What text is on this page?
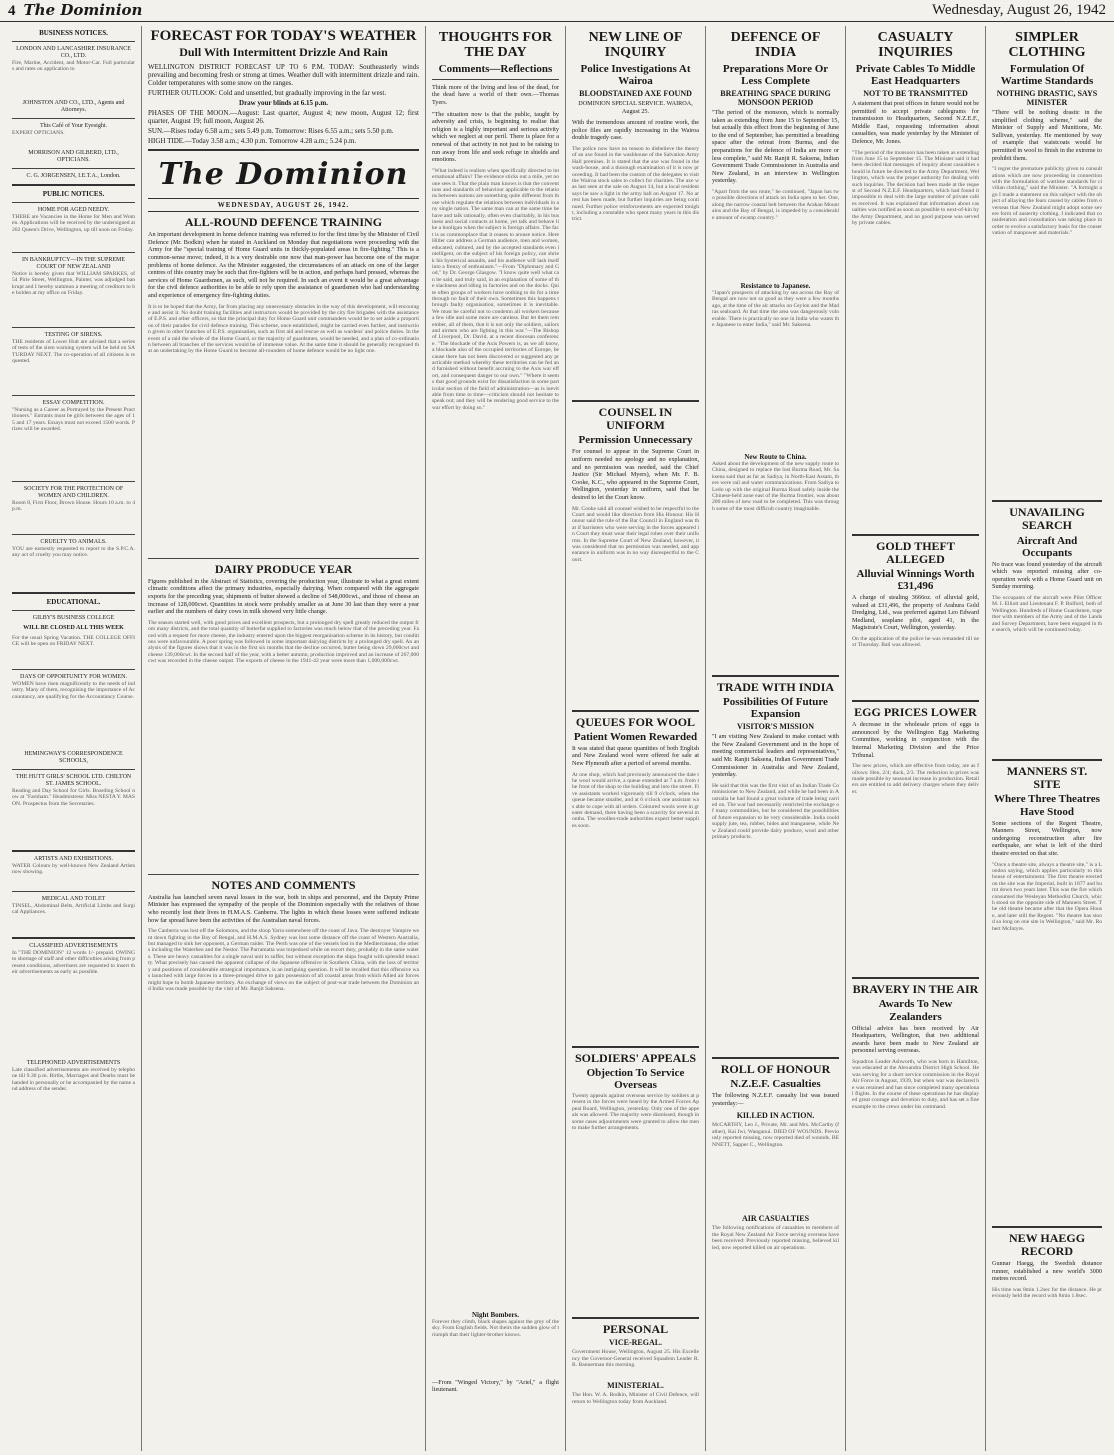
4 The Dominion	Wednesday, August 26, 1942
BUSINESS NOTICES.
LONDON AND LANCASHIRE INSURANCE CO., LTD.
Fire, Marine, Accident, and Motor-Car. Full particulars and rates on application to
JOHNSTON AND CO., LTD., Agents and Attorneys.
This Café of Your Eyesight.
EXPERT OPTICIANS.
MORRISON AND GILBERD, LTD., OPTICIANS.
C. G. JORGENSEN, I.E.T.A., London.
PUBLIC NOTICES.
HOME FOR AGED NEEDY.
THERE are Vacancies in the Home for Men and Women. Applications will be received by the undersigned at 202 Queen's Drive, Wellington, up till noon on Friday.
IN BANKRUPTCY—IN THE SUPREME COURT OF NEW ZEALAND
Notice is hereby given that WILLIAM SPARKES, of 54 Pirie Street, Wellington, Painter, was adjudged bankrupt and I hereby summon a meeting of creditors to be holden at my office on Friday.
TESTING OF SIRENS.
THE residents of Lower Hutt are advised that a series of tests of the siren warning system will be held on SATURDAY NEXT. The co-operation of all citizens is requested.
ESSAY COMPETITION.
"Nursing as a Career as Portrayed by the Present Practitioners." Entrants must be girls between the ages of 15 and 17 years. Essays must not exceed 1500 words. Prizes will be awarded.
SOCIETY FOR THE PROTECTION OF WOMEN AND CHILDREN.
Room 8, First Floor, Brown House. Hours 10 a.m. to 4 p.m.
CRUELTY TO ANIMALS.
YOU are earnestly requested to report to the S.P.C.A. any act of cruelty you may notice.
EDUCATIONAL.
GILBY'S BUSINESS COLLEGE
WILL BE CLOSED ALL THIS WEEK
For the usual Spring Vacation. THE COLLEGE OFFICE will be open on FRIDAY NEXT.
DAYS OF OPPORTUNITY FOR WOMEN.
WOMEN have risen magnificently to the needs of industry. Many of them, recognising the importance of Accountancy, are qualifying for the Accountancy Course.
HEMINGWAY'S CORRESPONDENCE SCHOOLS,
THE HUTT GIRLS' SCHOOL LTD. CHILTON ST. JAMES SCHOOL.
Reading and Day School for Girls. Boarding School now at "Farnham." Headmistress: Miss NESTA Y. MASON. Prospectus from the Secretaries.
ARTISTS AND EXHIBITIONS.
WATER Colours by well-known New Zealand Artists now showing.
MEDICAL AND TOILET
TINSEL, Abdominal Belts, Artificial Limbs and Surgical Appliances.
CLASSIFIED ADVERTISEMENTS
In "THE DOMINION" 12 words 1/- prepaid. OWING to shortage of staff and other difficulties arising from present conditions, advertisers are requested to insert their advertisements as early as possible.
TELEPHONED ADVERTISEMENTS
Late classified advertisements are received by telephone till 9.30 p.m. Births, Marriages and Deaths must be handed in personally or be accompanied by the name and address of the sender.
FORECAST FOR TODAY'S WEATHER
Dull With Intermittent Drizzle And Rain
WELLINGTON DISTRICT FORECAST UP TO 6 P.M. TODAY: Southeasterly winds prevailing and becoming fresh or strong at times. Weather dull with intermittent drizzle and rain. Colder temperatures with some snow on the ranges.
FURTHER OUTLOOK: Cold and unsettled, but gradually improving in the far west.
Draw your blinds at 6.15 p.m.
PHASES OF THE MOON.—August: Last quarter, August 4; new moon, August 12; first quarter, August 19; full moon, August 26.
SUN.—Rises today 6.58 a.m.; sets 5.49 p.m. Tomorrow: Rises 6.55 a.m.; sets 5.50 p.m.
HIGH TIDE.—Today 3.58 a.m.; 4.30 p.m. Tomorrow 4.28 a.m.; 5.24 p.m.
The Dominion
WEDNESDAY, AUGUST 26, 1942.
ALL-ROUND DEFENCE TRAINING
An important development in home defence training was referred to for the first time by the Minister of Civil Defence (Mr. Bodkin) when he stated in Auckland on Monday that negotiations were proceeding with the Army for the "special training of Home Guard units in thickly-populated areas in fire-fighting." This is a common-sense move; indeed, it is a very desirable one now that man-power has become one of the major problems of home defence. As the Minister suggested, the circumstances of an attack on one of the larger centres of this country may be such that fire-fighters will be in action, and perhaps hard pressed, whereas the services of Home Guardsmen, as such, will not be required. In such an event it would be a great advantage for the civil defence authorities to be able to rely upon the assistance of guardsmen who had understanding and experience of emergency fire-fighting duties.
It is to be hoped that the Army, far from placing any unnecessary obstacles in the way of this development, will encourage and assist it. No doubt training facilities and instructors would be provided by the city fire brigades with the assistance of E.P.S. and other officers, so that the principal duty for Home Guard unit commanders would be to set aside a proportion of their parades for civil defence training. This scheme, once established, might be carried even further, and instruction given in other branches of E.P.S. organisation, such as first aid and rescue as well as wardens' and police duties. In the event of a raid the whole of the Home Guard, or the majority of guardsmen, would be needed, and a plan of co-ordination between all branches of the services would be of immense value. At the same time it should be generally recognised that an undertaking by the Home Guard to become all-rounders of home defence would be no light one.
DAIRY PRODUCE YEAR
Figures published in the Abstract of Statistics, covering the production year, illustrate to what a great extent climatic conditions affect the primary industries, especially dairying. When compared with the aggregate exports for the preceding year, shipments of butter showed a decline of 548,000cwt., and those of cheese an increase of 128,000cwt. Quantities in stock were probably smaller as at June 30 last than they were a year earlier and the numbers of dairy cows in milk showed very little change.
The season started well, with good prices and excellent prospects, but a prolonged dry spell greatly reduced the output from many districts, and the total quantity of butterfat supplied to factories was much below that of the preceding year. Faced with a request for more cheese, the industry entered upon the biggest reorganisation scheme in its history, but conditions were unfavourable. A poor spring was followed in some important dairying districts by a prolonged dry spell. An analysis of the figures shows that it was in the first six months that the decline occurred, butter being down 29,000cwt and cheese 139,000cwt. In the second half of the year, with a better autumn, production improved and an increase of 267,000cwt was recorded in the cheese output. The exports of cheese in the 1941-42 year were more than 1,000,000cwt.
NOTES AND COMMENTS
Australia has launched seven naval losses in the war, both in ships and personnel, and the Deputy Prime Minister has expressed the sympathy of the people of the Dominion especially with the relatives of those who recently lost their lives in H.M.A.S. Canberra. The lights in which these losses were suffered indicate how far spread have been the activities of the Australian naval forces.
The Canberra was lost off the Solomons, and the sloop Yarra somewhere off the coast of Java. The destroyer Vampire went down fighting in the Bay of Bengal, and H.M.A.S. Sydney was lost some distance off the coast of Western Australia, but managed to sink her opponent, a German raider. The Perth was one of the vessels lost in the Mediterranean, the others including the Waterhen and the Nestor. The Parramatta was torpedoed while on escort duty, probably in the same waters. These are heavy casualties for a single naval unit to suffer, but without exception the ships fought with splendid tenacity. What precisely has caused the apparent collapse of the Japanese offensive in Southern China, with the loss of territory and positions of considerable strategical importance, is an intriguing question. It will be recalled that this offensive was launched with large forces in a three-pronged drive to gain possession of all coastal areas from which Allied air forces might hope to bomb Japanese territory. An exchange of views on the subject of post-war trade between the Dominion and India was made possible by the visit of Mr. Ranjit Saksena.
THOUGHTS FOR THE DAY
Comments—Reflections
Think more of the living and less of the dead, for the dead have a world of their own.—Thomas Tyers.
"The situation now is that the public, taught by adversity and crisis, is beginning to realise that religion is a highly important and serious activity which we neglect at our peril. There is place for a renewal of that activity in not just to be raising to run away from life and seek refuge in shields and emotions.
"What indeed is realism when specifically directed to international affairs? The evidence sticks out a mile, yet no one sees it. That the plain man knows is that the conventions and standards of behaviour applicable to the relations between nations are something quite different from those which regulate the relations between individuals in any single nation. The same man can at the same time behave and talk rationally, often even charitably, in his business and social contacts at home, yet talk and behave like a hooligan when the subject is foreign affairs. The fact is as commonplace that it ceases to arouse notice. Here Hitler can address a German audience, men and women, educated, cultured, and by the accepted standards even intelligent, on the subject of his foreign policy, can shriek his hysterical assaults, and his audience will lash itself into a frenzy of enthusiasm."—From "Diplomacy and God," by Dr. George Glasgow. "I know quite well what can be said, and truly said, in an explanation of some of the slackness and idling in factories and on the docks. Quite often groups of workers have nothing to do for a time through no fault of their own. Sometimes this happens through faulty organisation, sometimes it is inevitable. We must be careful not to condemn all workers because a few idle and some more are careless. But let them remember, all of them, that it is not only the soldiers, sailors and airmen who are fighting in this war."—The Bishop of Liverpool, Dr. David, at a recent diocesan conference. "The blockade of the Axis Powers is, as we all know, a blockade also of the occupied territories of Europe, because there has not been discovered or suggested any practicable method whereby these territories can be fed and furnished without benefit accruing to the Axis war effort, and consequent danger to our own." "Where it seems that good grounds exist for dissatisfaction in some particular section of the field of administration—as is inevitable from time to time—criticism should not hesitate to speak out; and they will be rendering good service to the war effort by doing so."
Night Bombers.
Forever they climb, black shapes against the grey of the sky. From English fields. Not theirs the sudden glow of triumph that their lighter-brother knows.
—From "Winged Victory," by "Ariel," a flight lieutenant.
NEW LINE OF INQUIRY
Police Investigations At Wairoa
BLOODSTAINED AXE FOUND
DOMINION SPECIAL SERVICE. WAIROA, August 25.
With the tremendous amount of routine work, the police files are rapidly increasing in the Wairoa double tragedy case.
The police now have no reason to disbelieve the theory of an axe found in the washhouse of the Salvation Army Hall premises. It is stated that the axe was found in the wash-house, and a thorough examination of it is now proceeding. It had been the custom of the delegates to visit the Wairoa stock sales to collect for charities. The axe was last seen at the sale on August 14, but a local resident says he saw a light in the army hall on August 17. No arrest has been made, but further inquiries are being continued. Further police reinforcements are expected tonight, including a constable who spent many years in this district.
COUNSEL IN UNIFORM
Permission Unnecessary
For counsel to appear in the Supreme Court in uniform needed no apology and no explanation, and no permission was needed, said the Chief Justice (Sir Michael Myers), when Mr. F. B. Cooke, K.C., who appeared in the Supreme Court, Wellington, yesterday in uniform, said that he desired to let the Court know.
Mr. Cooke said all counsel wished to be respectful to the Court and would like direction from His Honour. His Honour said the rule of the Bar Council in England was that if barristers who were serving in the forces appeared in Court they must wear their legal robes over their uniforms. In the Supreme Court of New Zealand, however, it was considered that no permission was needed, and appearance in uniform was in no way disrespectful to the Court.
QUEUES FOR WOOL
Patient Women Rewarded
It was stated that queue quantities of both English and New Zealand wool were offered for sale at New Plymouth after a period of several months.
At one shop, which had previously announced the date the wool would arrive, a queue extended at 7 a.m. from the front of the shop to the building and into the street. Five assistants worked vigorously till 9 o'clock, when the queue became smaller, and at 6 o'clock one assistant was able to cope with all orders. Coloured wools were in greater demand, there having been a scarcity for several months. The woollen-trade authorities expect better supplies soon.
SOLDIERS' APPEALS
Objection To Service Overseas
Twenty appeals against overseas service by soldiers at present in the forces were heard by the Armed Forces Appeal Board, Wellington, yesterday. Only one of the appeals was allowed. The majority were dismissed, though in some cases adjournments were granted to allow the men to make further arrangements.
PERSONAL
VICE-REGAL.
Government House, Wellington, August 25. His Excellency the Governor-General received Squadron Leader R. R. Bannerman this morning.
MINISTERIAL.
The Hon. W. A. Bodkin, Minister of Civil Defence, will return to Wellington today from Auckland.
DEFENCE OF INDIA
Preparations More Or Less Complete
BREATHING SPACE DURING MONSOON PERIOD
"The period of the monsoon, which is normally taken as extending from June 15 to September 15, but actually this effect from the beginning of June to the end of September, has permitted a breathing space after the retreat from Burma, and the preparations for the defence of India are more or less complete," said Mr. Ranjit R. Saksena, Indian Government Trade Commissioner in Australia and New Zealand, in an interview in Wellington yesterday.
"Apart from the sea route," he continued, "Japan has two possible directions of attack on India open to her. One, along the narrow coastal belt between the Arakan Mountains and the Bay of Bengal, is impeded by a considerable amount of swamp country."
Resistance to Japanese.
"Japan's prospects of attacking by sea across the Bay of Bengal are now not so good as they were a few months ago, at the time of the air attacks on Ceylon and the Madras seaboard. At that time the area was dangerously vulnerable. There is practically no one in India who wants the Japanese to enter India," said Mr. Saksena.
New Route to China.
Asked about the development of the new supply route to China, designed to replace the lost Burma Road, Mr. Saksena said that as far as Sadiya, in North-East Assam, there were rail and water communications. From Sadiya to Ledo up with the original Burma Road safely inside the Chinese-held zone east of the Burma frontier, was about 200 miles of new road to be completed. This was through some of the most difficult country imaginable.
TRADE WITH INDIA
Possibilities Of Future Expansion
VISITOR'S MISSION
"I am visiting New Zealand to make contact with the New Zealand Government and in the hope of meeting commercial leaders and representatives," said Mr. Ranjit Saksena, Indian Government Trade Commissioner in Australia and New Zealand, yesterday.
He said that this was the first visit of an Indian Trade Commissioner to New Zealand, and while he had been in Australia he had found a great volume of trade being carried on. The war had necessarily restricted the exchange of many commodities, but he considered the possibilities of future expansion to be very considerable. India could supply jute, tea, rubber, hides and manganese, while New Zealand could provide dairy produce, wool and other primary products.
ROLL OF HONOUR
N.Z.E.F. Casualties
The following N.Z.E.F. casualty list was issued yesterday:—
KILLED IN ACTION.
McCARTHY, Leo J., Private, Mr. and Mrs. McCarthy (father), Kai Iwi, Wanganui. DIED OF WOUNDS. Previously reported missing, now reported died of wounds. BENNETT, Sapper C., Wellington.
AIR CASUALTIES
The following notifications of casualties to members of the Royal New Zealand Air Force serving overseas have been received: Previously reported missing, believed killed, now reported killed on air operations.
CASUALTY INQUIRIES
Private Cables To Middle East Headquarters
NOT TO BE TRANSMITTED
A statement that post offices in future would not be permitted to accept private cablegrams for transmission to Headquarters, Second N.Z.E.F., Middle East, requesting information about casualties, was made yesterday by the Minister of Defence, Mr. Jones.
"The period of the monsoon has been taken as extending from June 15 to September 15. The Minister said it had been decided that messages of inquiry about casualties should in future be directed to the Army Department, Wellington, which was the proper authority for dealing with such inquiries. The decision had been made at the request of Second N.Z.E.F. Headquarters, which had found it impossible to deal with the large number of private cables received. It was explained that information about casualties was notified as soon as possible to next-of-kin by the Army Department, and no good purpose was served by private cables.
GOLD THEFT ALLEGED
Alluvial Winnings Worth £31,496
A charge of stealing 3666oz. of alluvial gold, valued at £31,496, the property of Arahura Gold Dredging, Ltd., was preferred against Leo Edward Medland, seaplane pilot, aged 41, in the Magistrate's Court, Wellington, yesterday.
On the application of the police he was remanded till next Thursday. Bail was allowed.
EGG PRICES LOWER
A decrease in the wholesale prices of eggs is announced by the Wellington Egg Marketing Committee, working in conjunction with the Internal Marketing Division and the Price Tribunal.
The new prices, which are effective from today, are as follows: Hen, 2/4; duck, 2/3. The reduction in prices was made possible by seasonal increase in production. Retailers are entitled to add delivery charges where they deliver.
BRAVERY IN THE AIR
Awards To New Zealanders
Official advice has been received by Air Headquarters, Wellington, that two additional awards have been made to New Zealand air personnel serving overseas.
Squadron Leader Ashworth, who was born in Hamilton, was educated at the Alexandra District High School. He was serving for a short service commission in the Royal Air Force in August, 1939, but when war was declared he was retained and has since completed many operational flights. In the course of these operations he has displayed great courage and devotion to duty, and has set a fine example to the crews under his command.
SIMPLER CLOTHING
Formulation Of Wartime Standards
NOTHING DRASTIC, SAYS MINISTER
"There will be nothing drastic in the simplified clothing scheme," said the Minister of Supply and Munitions, Mr. Sullivan, yesterday. He mentioned by way of example that waistcoats would be permitted in wool to finish in the extreme to prohibit them.
"I regret the premature publicity given to consultations which are now proceeding in connection with the formulation of wartime standards for civilian clothing," said the Minister. "A fortnight ago I made a statement on this subject with the object of allaying the fears caused by cables from overseas that New Zealand might adopt some severe form of austerity clothing. I indicated that consideration and consultation was taking place in order to evolve a satisfactory basis for the conservation of manpower and materials."
UNAVAILING SEARCH
Aircraft And Occupants
No trace was found yesterday of the aircraft which was reported missing after co-operation work with a Home Guard unit on Sunday morning.
The occupants of the aircraft were Pilot Officer M. I. Elliott and Lieutenant F. P. Bulford, both of Wellington. Hundreds of Home Guardsmen, together with members of the Army and of the Lands and Survey Department, have been engaged in the search, which will be continued today.
MANNERS ST. SITE
Where Three Theatres Have Stood
Some sections of the Regent Theatre, Manners Street, Wellington, now undergoing reconstruction after fire earthquake, are what is left of the third theatre erected on that site.
"Once a theatre site, always a theatre site," is a London saying, which applies particularly to this house of entertainment. The first theatre erected on the site was the Imperial, built in 1877 and burnt down two years later. This was the fire which consumed the Wesleyan Methodist Church, which stood on the opposite side of Manners Street. The old theatre became after that the Opera House, and later still the Regent. "No theatre has stood so long on one site in Wellington," said Mr. Robert McIntyre.
NEW HAEGG RECORD
Gunnar Haegg, the Swedish distance runner, established a new world's 3000 metres record.
His time was 8min 1.2sec for the distance. He previously held the record with 8min 1.8sec.
